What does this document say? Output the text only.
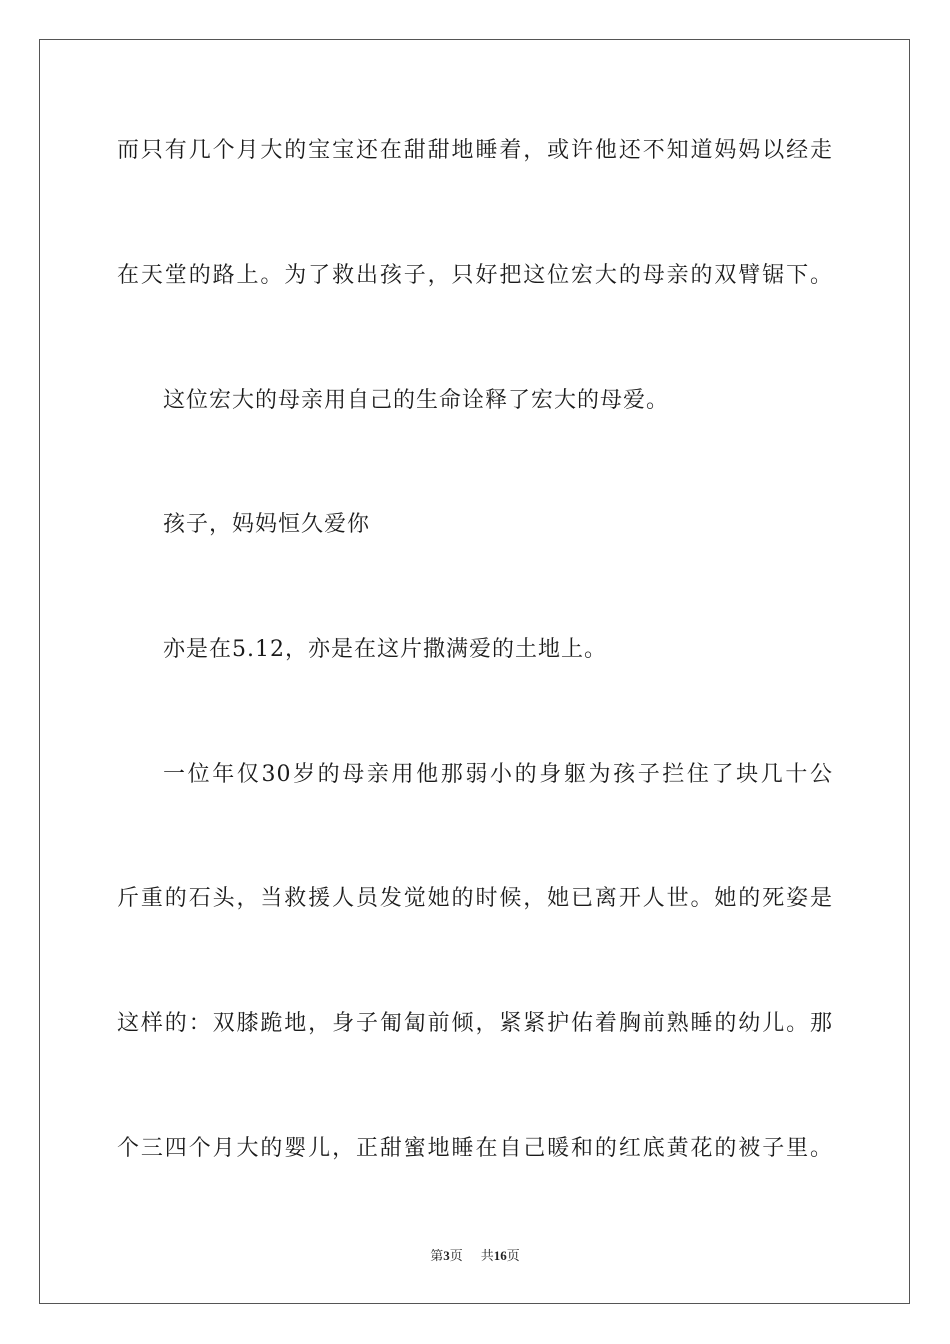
而只有几个月大的宝宝还在甜甜地睡着，或许他还不知道妈妈以经走
在天堂的路上。为了救出孩子，只好把这位宏大的母亲的双臂锯下。
这位宏大的母亲用自己的生命诠释了宏大的母爱。
孩子，妈妈恒久爱你
亦是在5.12，亦是在这片撒满爱的土地上。
一位年仅30岁的母亲用他那弱小的身躯为孩子拦住了块几十公
斤重的石头，当救援人员发觉她的时候，她已离开人世。她的死姿是
这样的：双膝跪地，身子匍匐前倾，紧紧护佑着胸前熟睡的幼儿。那
个三四个月大的婴儿，正甜蜜地睡在自己暖和的红底黄花的被子里。
第3页 共16页
